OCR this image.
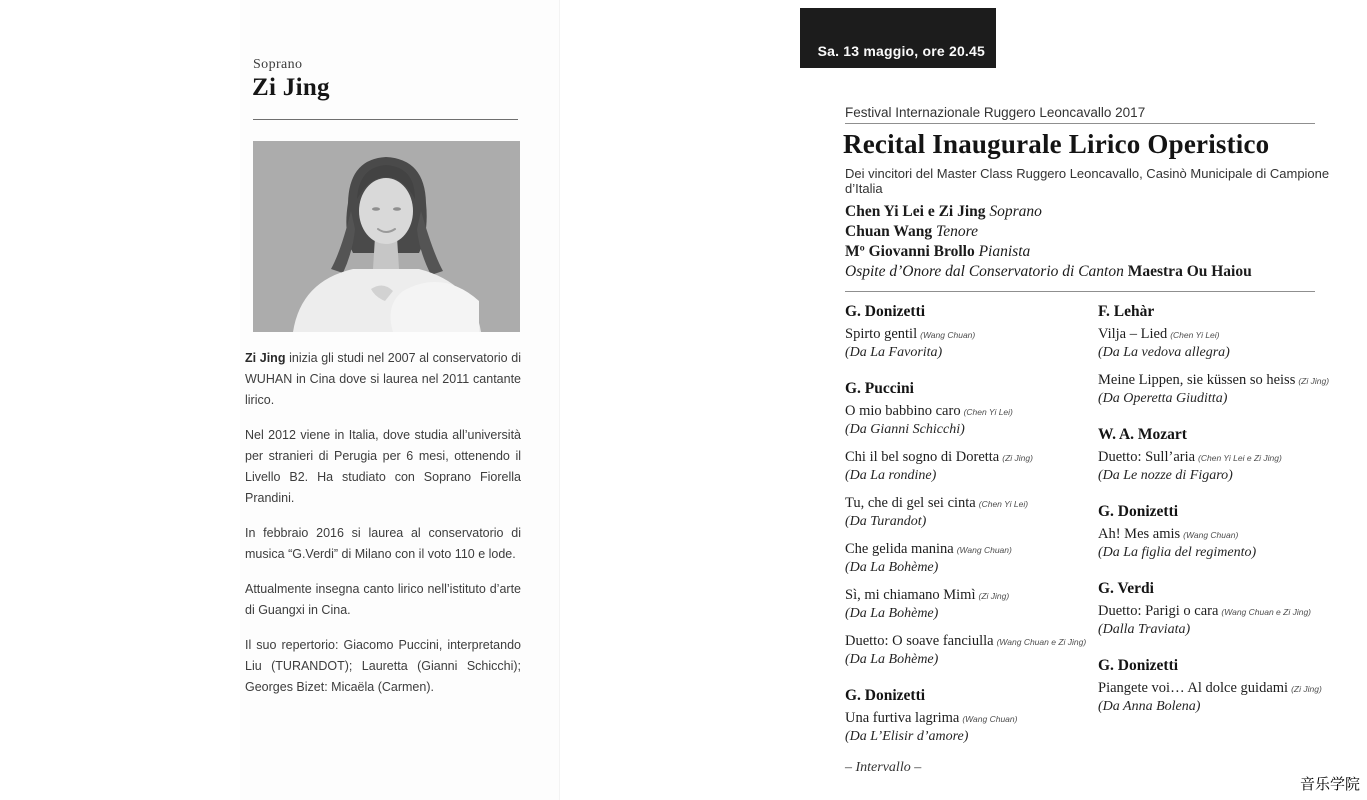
Soprano
Zi Jing

Zi Jing inizia gli studi nel 2007 al conservatorio di WUHAN in Cina dove si laurea nel 2011 cantante lirico.

Nel 2012 viene in Italia, dove studia all’università per stranieri di Perugia per 6 mesi, ottenendo il Livello B2. Ha studiato con Soprano Fiorella Prandini.

In febbraio 2016 si laurea al conservatorio di musica “G.Verdi” di Milano con il voto 110 e lode.

Attualmente insegna canto lirico nell’istituto d’arte di Guangxi in Cina.

Il suo repertorio: Giacomo Puccini, interpretando Liu (TURANDOT); Lauretta (Gianni Schicchi); Georges Bizet: Micaëla (Carmen).

Sa. 13 maggio, ore 20.45
Festival Internazionale Ruggero Leoncavallo 2017
Recital Inaugurale Lirico Operistico
Dei vincitori del Master Class Ruggero Leoncavallo, Casinò Municipale di Campione d’Italia
Chen Yi Lei e Zi Jing Soprano
Chuan Wang Tenore
Mº Giovanni Brollo Pianista
Ospite d’Onore dal Conservatorio di Canton Maestra Ou Haiou
G. Donizetti
Spirto gentil (Wang Chuan)
(Da La Favorita)
G. Puccini
O mio babbino caro (Chen Yi Lei)
(Da Gianni Schicchi)
Chi il bel sogno di Doretta (Zi Jing)
(Da La rondine)
Tu, che di gel sei cinta (Chen Yi Lei)
(Da Turandot)
Che gelida manina (Wang Chuan)
(Da La Bohème)
Sì, mi chiamano Mimì (Zi Jing)
(Da La Bohème)
Duetto: O soave fanciulla (Wang Chuan e Zi Jing)
(Da La Bohème)
G. Donizetti
Una furtiva lagrima (Wang Chuan)
(Da L’Elisir d’amore)
– Intervallo –
F. Lehàr
Vilja – Lied (Chen Yi Lei)
(Da La vedova allegra)
Meine Lippen, sie küssen so heiss (Zi Jing)
(Da Operetta Giuditta)
W. A. Mozart
Duetto: Sull’aria (Chen Yi Lei e Zi Jing)
(Da Le nozze di Figaro)
G. Donizetti
Ah! Mes amis (Wang Chuan)
(Da La figlia del regimento)
G. Verdi
Duetto: Parigi o cara (Wang Chuan e Zi Jing)
(Dalla Traviata)
G. Donizetti
Piangete voi… Al dolce guidami (Zi Jing)
(Da Anna Bolena)
音乐学院
